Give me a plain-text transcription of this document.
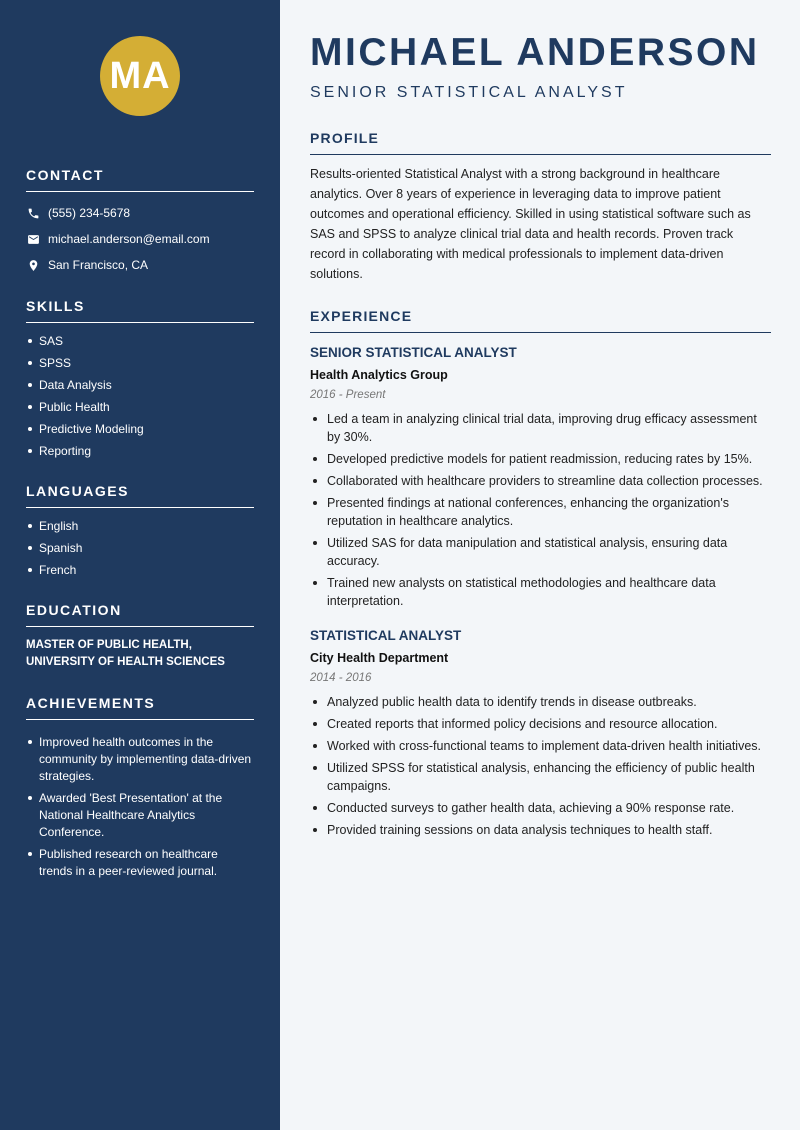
MA
CONTACT
(555) 234-5678
michael.anderson@email.com
San Francisco, CA
SKILLS
SAS
SPSS
Data Analysis
Public Health
Predictive Modeling
Reporting
LANGUAGES
English
Spanish
French
EDUCATION
MASTER OF PUBLIC HEALTH,
UNIVERSITY OF HEALTH SCIENCES
ACHIEVEMENTS
Improved health outcomes in the community by implementing data-driven strategies.
Awarded 'Best Presentation' at the National Healthcare Analytics Conference.
Published research on healthcare trends in a peer-reviewed journal.
MICHAEL ANDERSON
SENIOR STATISTICAL ANALYST
PROFILE

Results-oriented Statistical Analyst with a strong background in healthcare analytics. Over 8 years of experience in leveraging data to improve patient outcomes and operational efficiency. Skilled in using statistical software such as SAS and SPSS to analyze clinical trial data and health records. Proven track record in collaborating with medical professionals to implement data-driven solutions.

EXPERIENCE
SENIOR STATISTICAL ANALYST
Health Analytics Group
2016 - Present
Led a team in analyzing clinical trial data, improving drug efficacy assessment by 30%.
Developed predictive models for patient readmission, reducing rates by 15%.
Collaborated with healthcare providers to streamline data collection processes.
Presented findings at national conferences, enhancing the organization's reputation in healthcare analytics.
Utilized SAS for data manipulation and statistical analysis, ensuring data accuracy.
Trained new analysts on statistical methodologies and healthcare data interpretation.
STATISTICAL ANALYST
City Health Department
2014 - 2016
Analyzed public health data to identify trends in disease outbreaks.
Created reports that informed policy decisions and resource allocation.
Worked with cross-functional teams to implement data-driven health initiatives.
Utilized SPSS for statistical analysis, enhancing the efficiency of public health campaigns.
Conducted surveys to gather health data, achieving a 90% response rate.
Provided training sessions on data analysis techniques to health staff.
